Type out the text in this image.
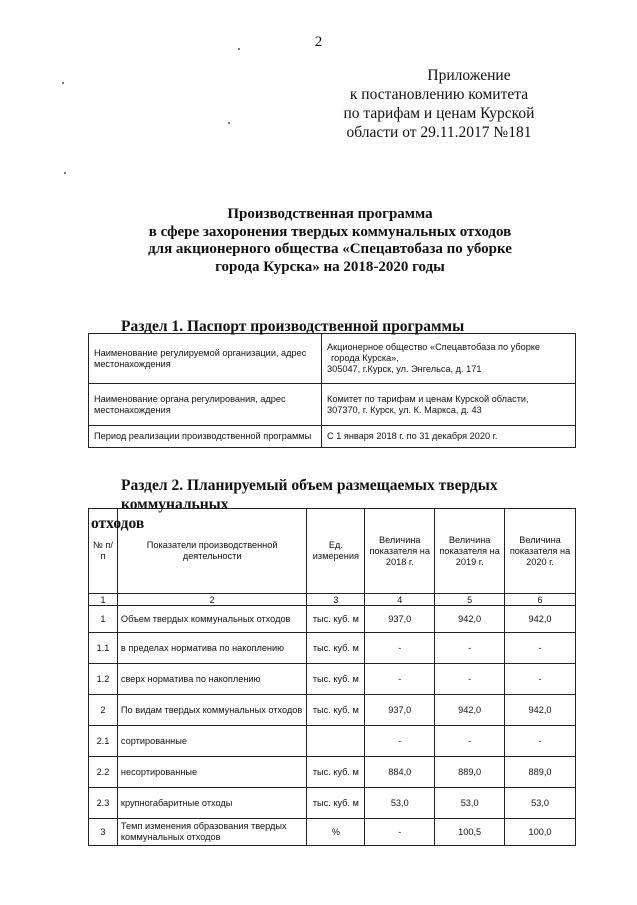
2
Приложение
к постановлению комитета
по тарифам и ценам Курской
области от 29.11.2017 №181
Производственная программа
в сфере захоронения твердых коммунальных отходов
для акционерного общества «Спецавтобаза по уборке
города Курска» на 2018-2020 годы
Раздел 1. Паспорт производственной программы
Наименование регулируемой организации, адрес местонахождения	Акционерное общество «Спецавтобаза по уборке
города Курска»,
305047, г.Курск, ул. Энгельса, д. 171

Наименование органа регулирования, адрес местонахождения	Комитет по тарифам и ценам Курской области,
307370, г. Курск, ул. К. Маркса, д. 43

Период реализации производственной программы	С 1 января 2018 г. по 31 декабря 2020 г.
Раздел 2. Планируемый объем размещаемых твердых коммунальных
отходов
№ п/п	Показатели производственной деятельности	Ед. измерения	Величина показателя на 2018 г.	Величина показателя на 2019 г.	Величина показателя на 2020 г.
1	2	3	4	5	6
1	Объем твердых коммунальных отходов	тыс. куб. м	937,0	942,0	942,0
1.1	в пределах норматива по накоплению	тыс. куб. м	-	-	-
1.2	сверх норматива по накоплению	тыс. куб. м	-	-	-
2	По видам твердых коммунальных отходов	тыс. куб. м	937,0	942,0	942,0
2.1	сортированные		-	-	-
2.2	несортированные	тыс. куб. м	884,0	889,0	889,0
2.3	крупногабаритные отходы	тыс. куб. м	53,0	53,0	53,0
3	Темп изменения образования твердых коммунальных отходов	%	-	100,5	100,0
